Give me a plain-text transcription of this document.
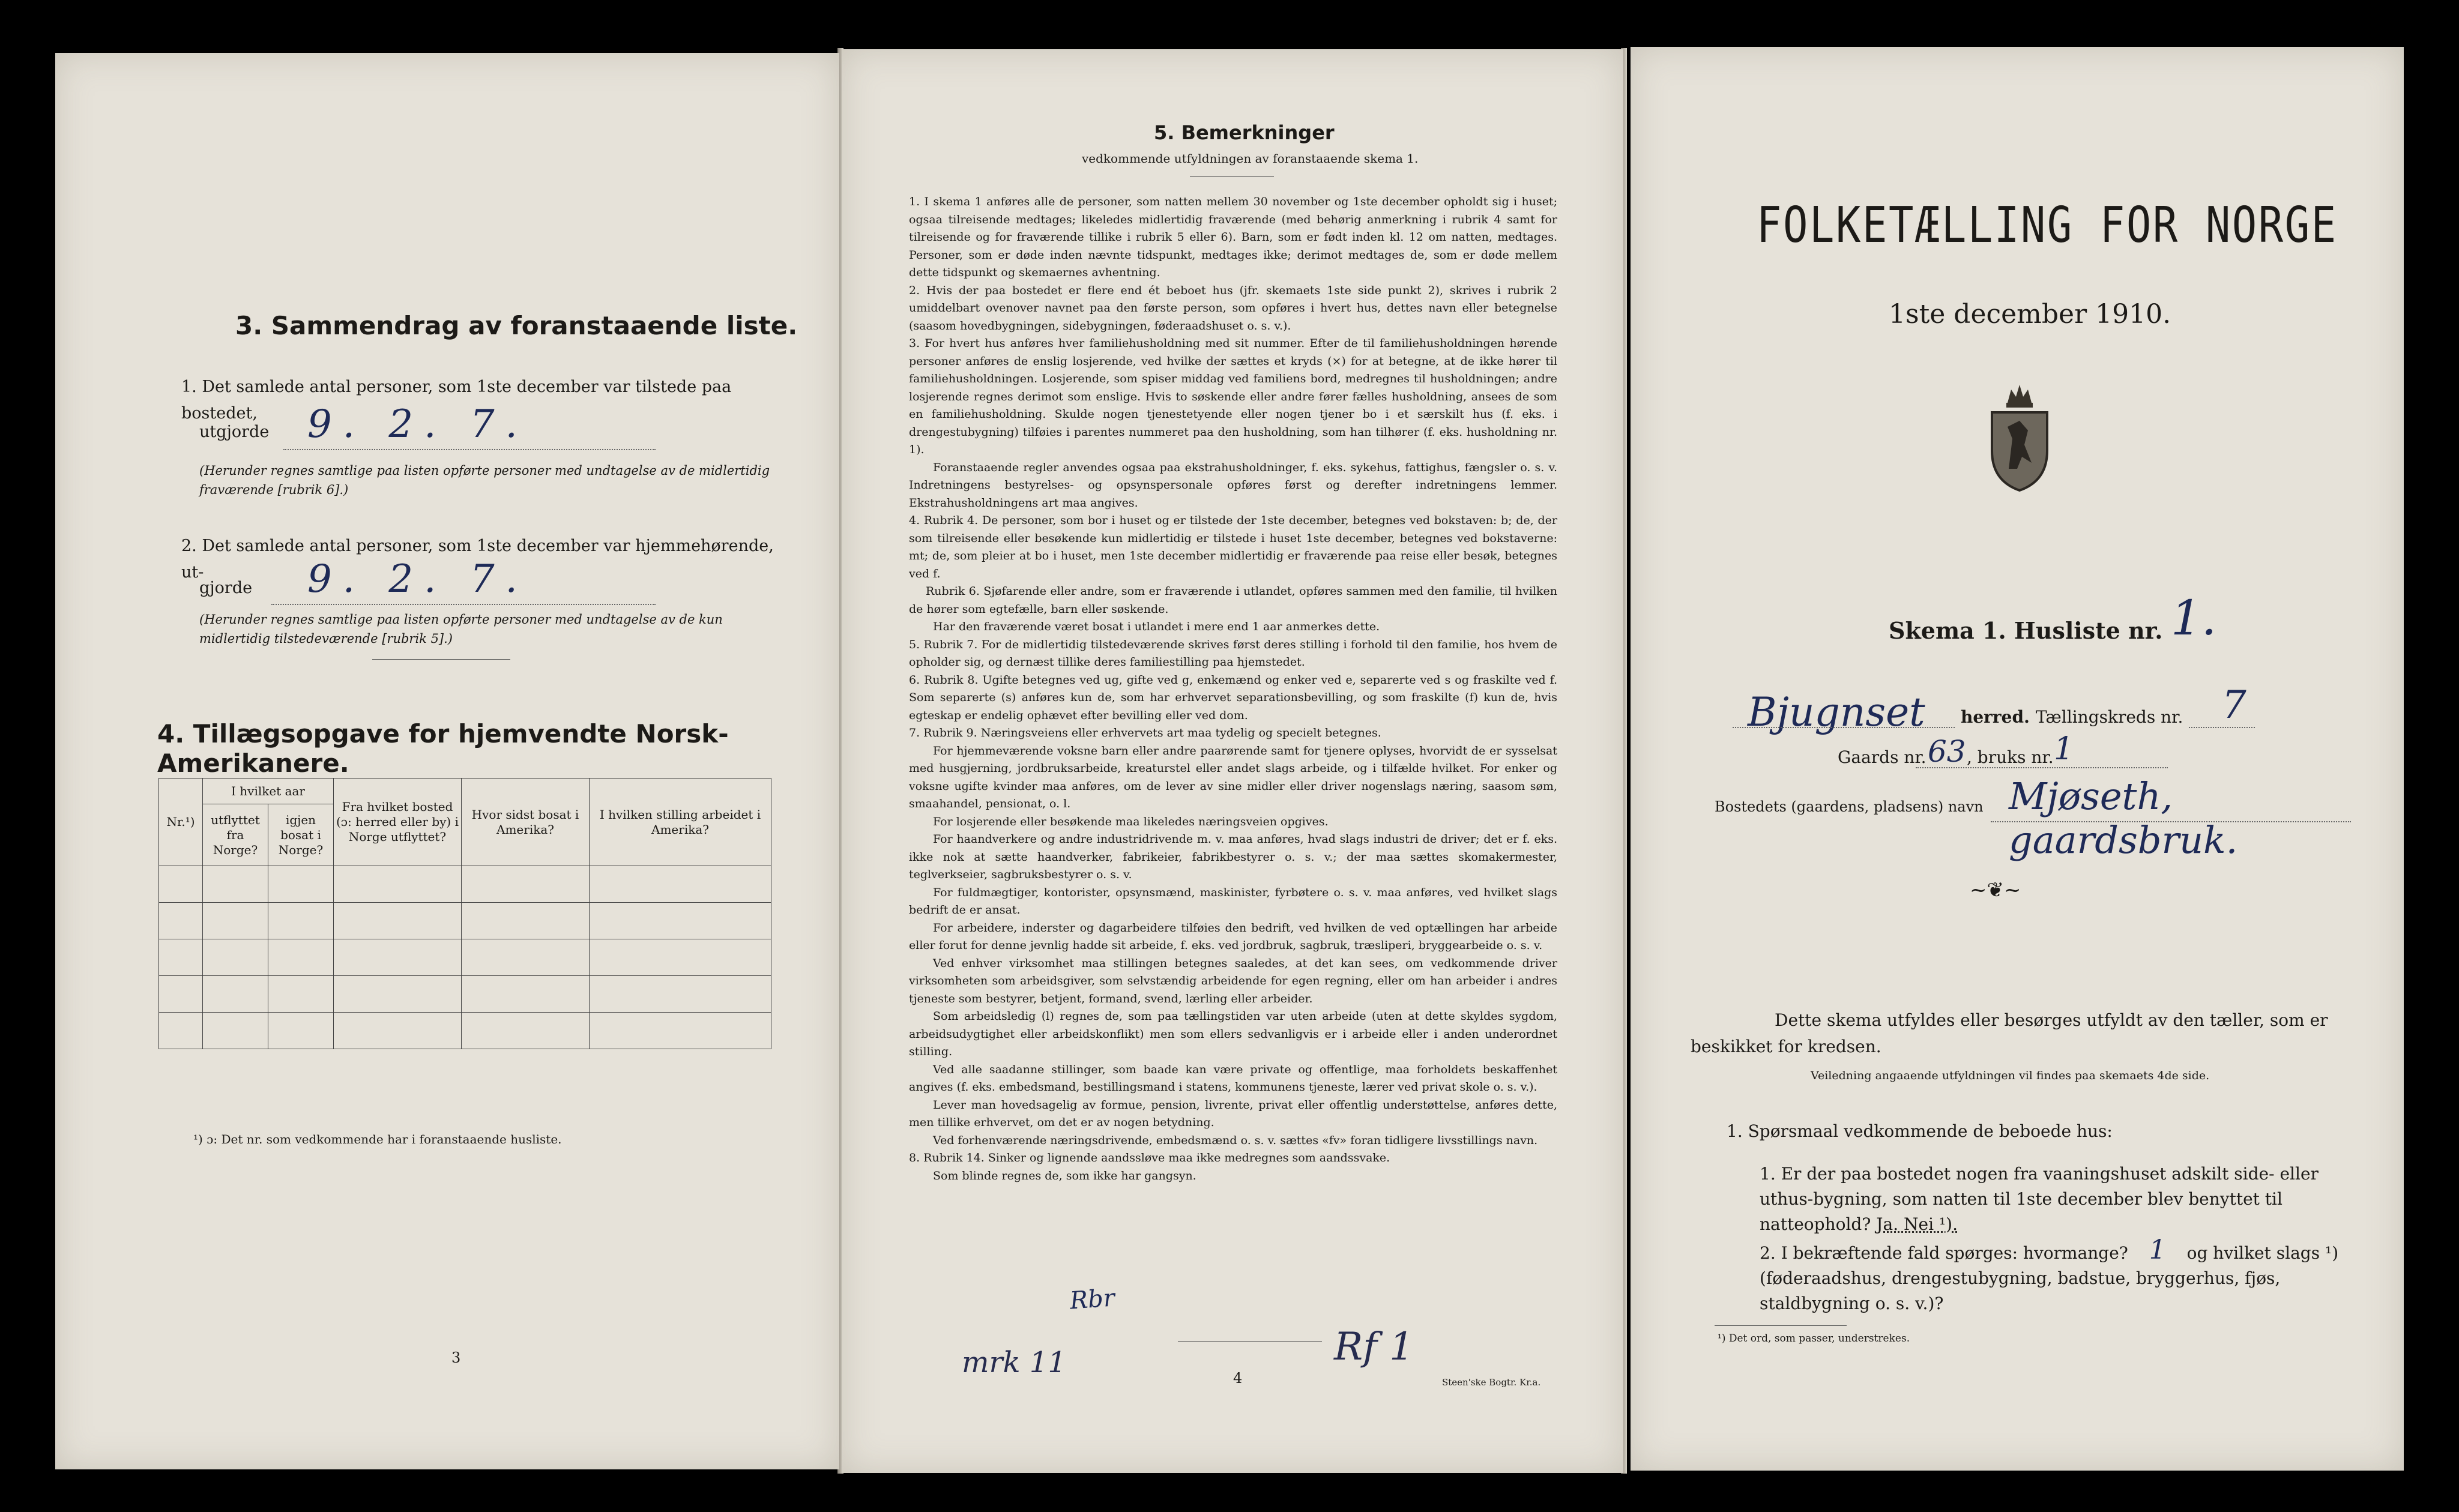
3. Sammendrag av foranstaaende liste.
1. Det samlede antal personer, som 1ste december var tilstede paa bostedet,
utgjorde 9. 2. 7.
(Herunder regnes samtlige paa listen opførte personer med undtagelse av de midlertidig fraværende [rubrik 6].)
2. Det samlede antal personer, som 1ste december var hjemmehørende, ut-
gjorde	9. 2. 7.
(Herunder regnes samtlige paa listen opførte personer med undtagelse av de kun midlertidig tilstedeværende [rubrik 5].)
4. Tillægsopgave for hjemvendte Norsk-Amerikanere.
Nr.¹)	I hvilket aar		Fra hvilket bosted (ɔ: herred eller by) i Norge utflyttet?	Hvor sidst bosat i Amerika?	I hvilken stilling arbeidet i Amerika?
	utflyttet fra Norge?	igjen bosat i Norge?			

¹) ɔ: Det nr. som vedkommende har i foranstaaende husliste.
3
5. Bemerkninger
vedkommende utfyldningen av foranstaaende skema 1.

1. I skema 1 anføres alle de personer, som natten mellem 30 november og 1ste december opholdt sig i huset; ogsaa tilreisende medtages; likeledes midlertidig fraværende (med behørig anmerkning i rubrik 4 samt for tilreisende og for fraværende tillike i rubrik 5 eller 6). Barn, som er født inden kl. 12 om natten, medtages. Personer, som er døde inden nævnte tidspunkt, medtages ikke; derimot medtages de, som er døde mellem dette tidspunkt og skemaernes avhentning.

2. Hvis der paa bostedet er flere end ét beboet hus (jfr. skemaets 1ste side punkt 2), skrives i rubrik 2 umiddelbart ovenover navnet paa den første person, som opføres i hvert hus, dettes navn eller betegnelse (saasom hovedbygningen, sidebygningen, føderaadshuset o. s. v.).

3. For hvert hus anføres hver familiehusholdning med sit nummer. Efter de til familiehusholdningen hørende personer anføres de enslig losjerende, ved hvilke der sættes et kryds (×) for at betegne, at de ikke hører til familiehusholdningen. Losjerende, som spiser middag ved familiens bord, medregnes til husholdningen; andre losjerende regnes derimot som enslige. Hvis to søskende eller andre fører fælles husholdning, ansees de som en familiehusholdning. Skulde nogen tjenestetyende eller nogen tjener bo i et særskilt hus (f. eks. i drengestubygning) tilføies i parentes nummeret paa den husholdning, som han tilhører (f. eks. husholdning nr. 1).

Foranstaaende regler anvendes ogsaa paa ekstrahusholdninger, f. eks. sykehus, fattighus, fængsler o. s. v. Indretningens bestyrelses- og opsynspersonale opføres først og derefter indretningens lemmer. Ekstrahusholdningens art maa angives.

4. Rubrik 4. De personer, som bor i huset og er tilstede der 1ste december, betegnes ved bokstaven: b; de, der som tilreisende eller besøkende kun midlertidig er tilstede i huset 1ste december, betegnes ved bokstaverne: mt; de, som pleier at bo i huset, men 1ste december midlertidig er fraværende paa reise eller besøk, betegnes ved f.

Rubrik 6. Sjøfarende eller andre, som er fraværende i utlandet, opføres sammen med den familie, til hvilken de hører som egtefælle, barn eller søskende.

Har den fraværende været bosat i utlandet i mere end 1 aar anmerkes dette.

5. Rubrik 7. For de midlertidig tilstedeværende skrives først deres stilling i forhold til den familie, hos hvem de opholder sig, og dernæst tillike deres familiestilling paa hjemstedet.

6. Rubrik 8. Ugifte betegnes ved ug, gifte ved g, enkemænd og enker ved e, separerte ved s og fraskilte ved f. Som separerte (s) anføres kun de, som har erhvervet separationsbevilling, og som fraskilte (f) kun de, hvis egteskap er endelig ophævet efter bevilling eller ved dom.

7. Rubrik 9. Næringsveiens eller erhvervets art maa tydelig og specielt betegnes.

For hjemmeværende voksne barn eller andre paarørende samt for tjenere oplyses, hvorvidt de er sysselsat med husgjerning, jordbruksarbeide, kreaturstel eller andet slags arbeide, og i tilfælde hvilket. For enker og voksne ugifte kvinder maa anføres, om de lever av sine midler eller driver nogenslags næring, saasom søm, smaahandel, pensionat, o. l.

For losjerende eller besøkende maa likeledes næringsveien opgives.

For haandverkere og andre industridrivende m. v. maa anføres, hvad slags industri de driver; det er f. eks. ikke nok at sætte haandverker, fabrikeier, fabrikbestyrer o. s. v.; der maa sættes skomakermester, teglverkseier, sagbruksbestyrer o. s. v.

For fuldmægtiger, kontorister, opsynsmænd, maskinister, fyrbøtere o. s. v. maa anføres, ved hvilket slags bedrift de er ansat.

For arbeidere, inderster og dagarbeidere tilføies den bedrift, ved hvilken de ved optællingen har arbeide eller forut for denne jevnlig hadde sit arbeide, f. eks. ved jordbruk, sagbruk, træsliperi, bryggearbeide o. s. v.

Ved enhver virksomhet maa stillingen betegnes saaledes, at det kan sees, om vedkommende driver virksomheten som arbeidsgiver, som selvstændig arbeidende for egen regning, eller om han arbeider i andres tjeneste som bestyrer, betjent, formand, svend, lærling eller arbeider.

Som arbeidsledig (l) regnes de, som paa tællingstiden var uten arbeide (uten at dette skyldes sygdom, arbeidsudygtighet eller arbeidskonflikt) men som ellers sedvanligvis er i arbeide eller i anden underordnet stilling.

Ved alle saadanne stillinger, som baade kan være private og offentlige, maa forholdets beskaffenhet angives (f. eks. embedsmand, bestillingsmand i statens, kommunens tjeneste, lærer ved privat skole o. s. v.).

Lever man hovedsagelig av formue, pension, livrente, privat eller offentlig understøttelse, anføres dette, men tillike erhvervet, om det er av nogen betydning.

Ved forhenværende næringsdrivende, embedsmænd o. s. v. sættes «fv» foran tidligere livsstillings navn.

8. Rubrik 14. Sinker og lignende aandssløve maa ikke medregnes som aandssvake.

Som blinde regnes de, som ikke har gangsyn.

Rbr
mrk 11	Rf 1
4	Steen'ske Bogtr. Kr.a.
FOLKETÆLLING FOR NORGE
1ste december 1910.
Skema 1. Husliste nr. 1.
Bjugnset herred. Tællingskreds nr. 7
Gaards nr. 63 , bruks nr. 1
Bostedets (gaardens, pladsens) navn Mjøseth, gaardsbruk.
~❦~
Dette skema utfyldes eller besørges utfyldt av den tæller, som er beskikket for kredsen.
Veiledning angaaende utfyldningen vil findes paa skemaets 4de side.
1. Spørsmaal vedkommende de beboede hus:
1. Er der paa bostedet nogen fra vaaningshuset adskilt side- eller uthus-bygning, som natten til 1ste december blev benyttet til natteophold? Ja. Nei ¹).
2. I bekræftende fald spørges: hvormange? 1 og hvilket slags ¹) (føderaadshus, drengestubygning, badstue, bryggerhus, fjøs, staldbygning o. s. v.)?
¹) Det ord, som passer, understrekes.
